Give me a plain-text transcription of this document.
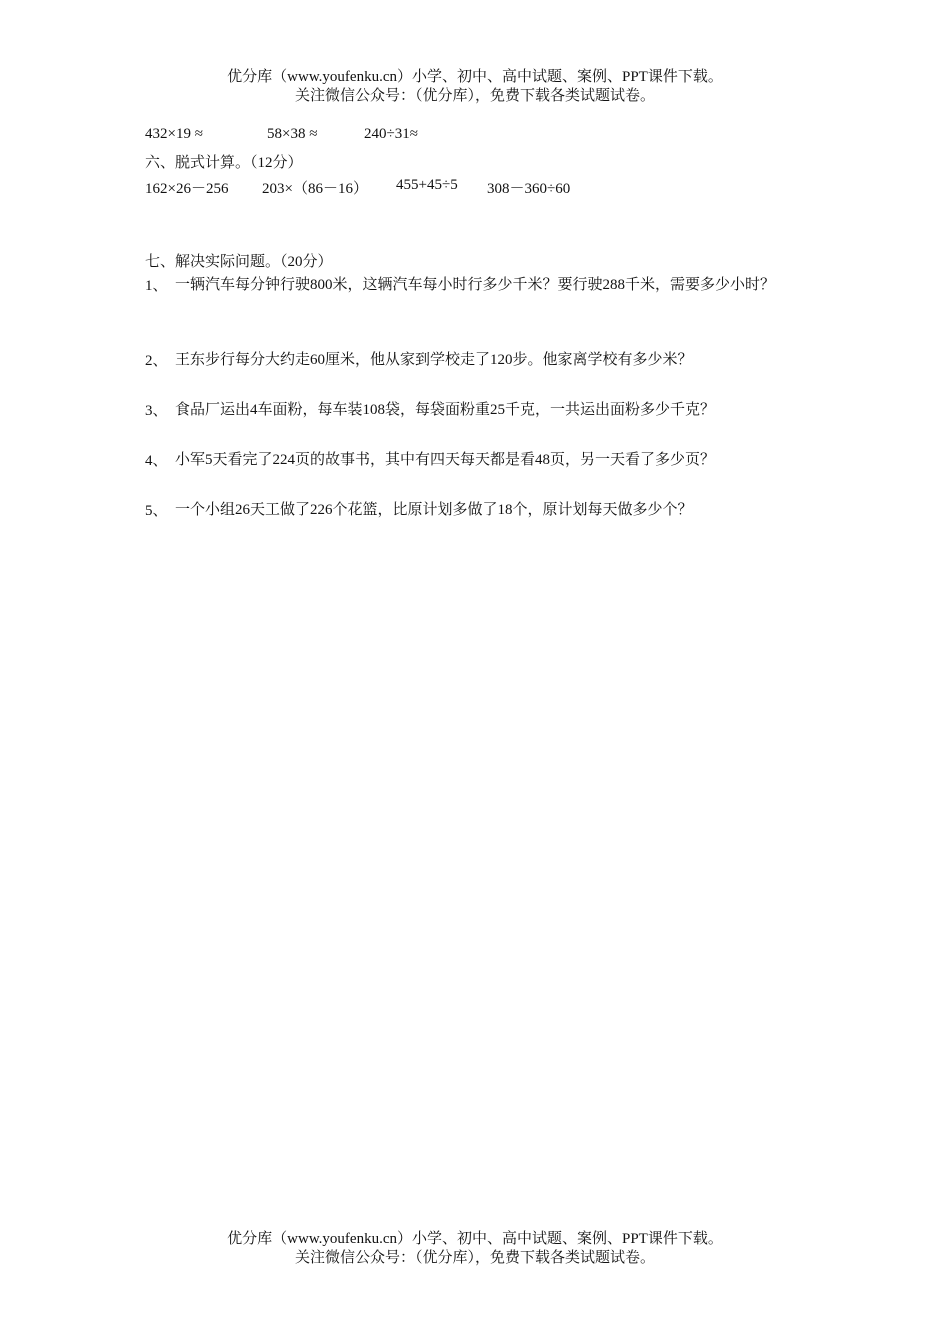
优分库（www.youfenku.cn）小学、初中、高中试题、案例、PPT课件下载。
关注微信公众号：（优分库），免费下载各类试题试卷。
432×19 ≈	58×38 ≈	240÷31≈
六、脱式计算。（12分）
162×26－256 203×（86－16） 455+45÷5 308－360÷60
七、解决实际问题。（20分）
1、 一辆汽车每分钟行驶800米，这辆汽车每小时行多少千米？要行驶288千米，需要多少小时？
2、 王东步行每分大约走60厘米，他从家到学校走了120步。他家离学校有多少米？
3、 食品厂运出4车面粉，每车装108袋，每袋面粉重25千克，一共运出面粉多少千克？
4、 小军5天看完了224页的故事书，其中有四天每天都是看48页，另一天看了多少页？
5、 一个小组26天工做了226个花篮，比原计划多做了18个，原计划每天做多少个？
优分库（www.youfenku.cn）小学、初中、高中试题、案例、PPT课件下载。
关注微信公众号：（优分库），免费下载各类试题试卷。
